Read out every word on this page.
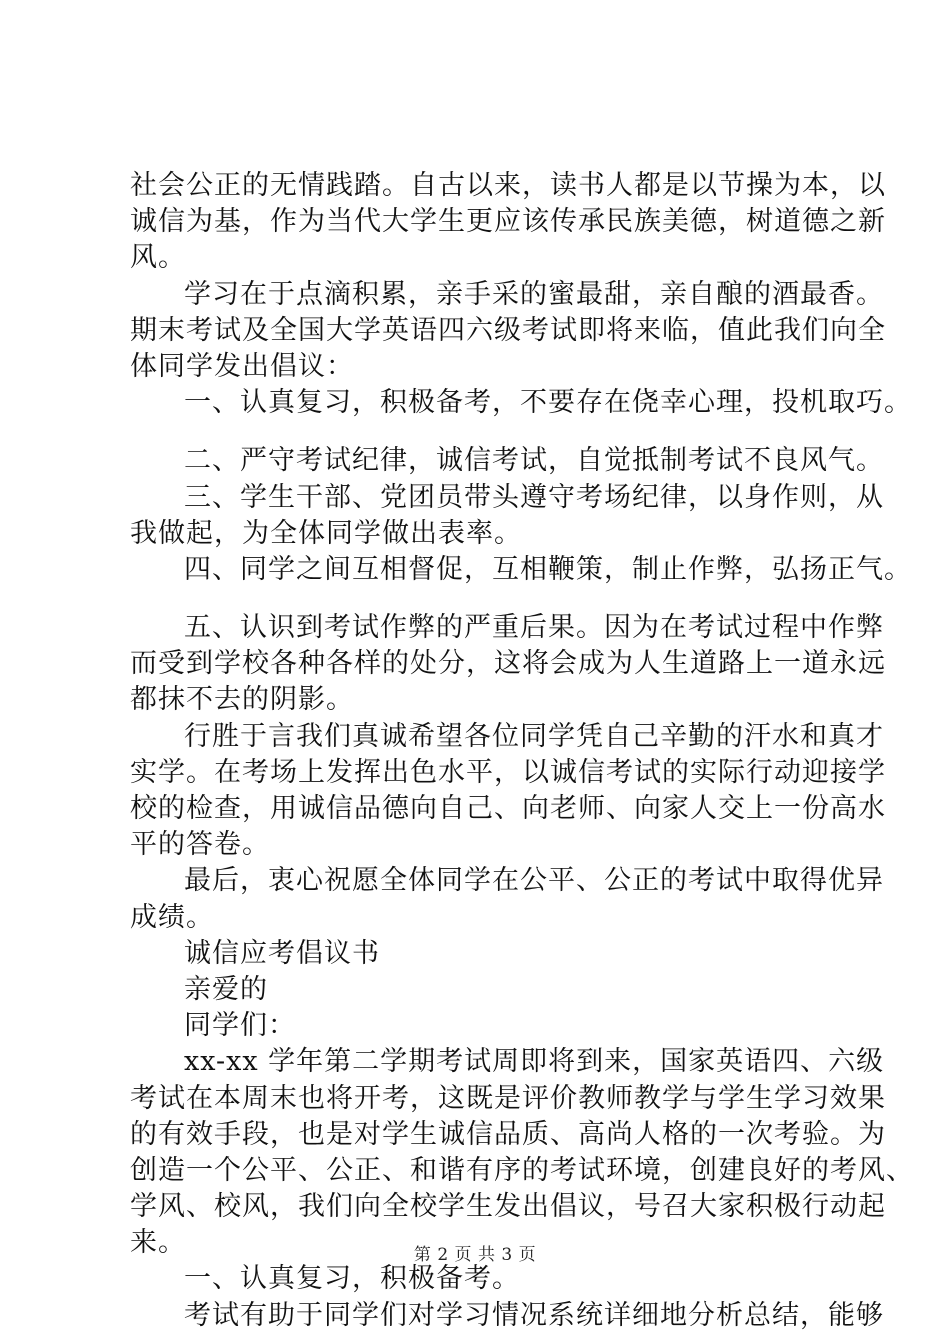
社会公正的无情践踏。自古以来，读书人都是以节操为本，以
诚信为基，作为当代大学生更应该传承民族美德，树道德之新
风。
学习在于点滴积累，亲手采的蜜最甜，亲自酿的酒最香。
期末考试及全国大学英语四六级考试即将来临，值此我们向全
体同学发出倡议：
一、认真复习，积极备考，不要存在侥幸心理，投机取巧。
二、严守考试纪律，诚信考试，自觉抵制考试不良风气。
三、学生干部、党团员带头遵守考场纪律，以身作则，从
我做起，为全体同学做出表率。
四、同学之间互相督促，互相鞭策，制止作弊，弘扬正气。
五、认识到考试作弊的严重后果。因为在考试过程中作弊
而受到学校各种各样的处分，这将会成为人生道路上一道永远
都抹不去的阴影。
行胜于言我们真诚希望各位同学凭自己辛勤的汗水和真才
实学。在考场上发挥出色水平，以诚信考试的实际行动迎接学
校的检查，用诚信品德向自己、向老师、向家人交上一份高水
平的答卷。
最后，衷心祝愿全体同学在公平、公正的考试中取得优异
成绩。
诚信应考倡议书
亲爱的
同学们：
xx-xx 学年第二学期考试周即将到来，国家英语四、六级
考试在本周末也将开考，这既是评价教师教学与学生学习效果
的有效手段，也是对学生诚信品质、高尚人格的一次考验。为
创造一个公平、公正、和谐有序的考试环境，创建良好的考风、
学风、校风，我们向全校学生发出倡议，号召大家积极行动起
来。
一、认真复习，积极备考。
考试有助于同学们对学习情况系统详细地分析总结，能够
第 2 页 共 3 页
